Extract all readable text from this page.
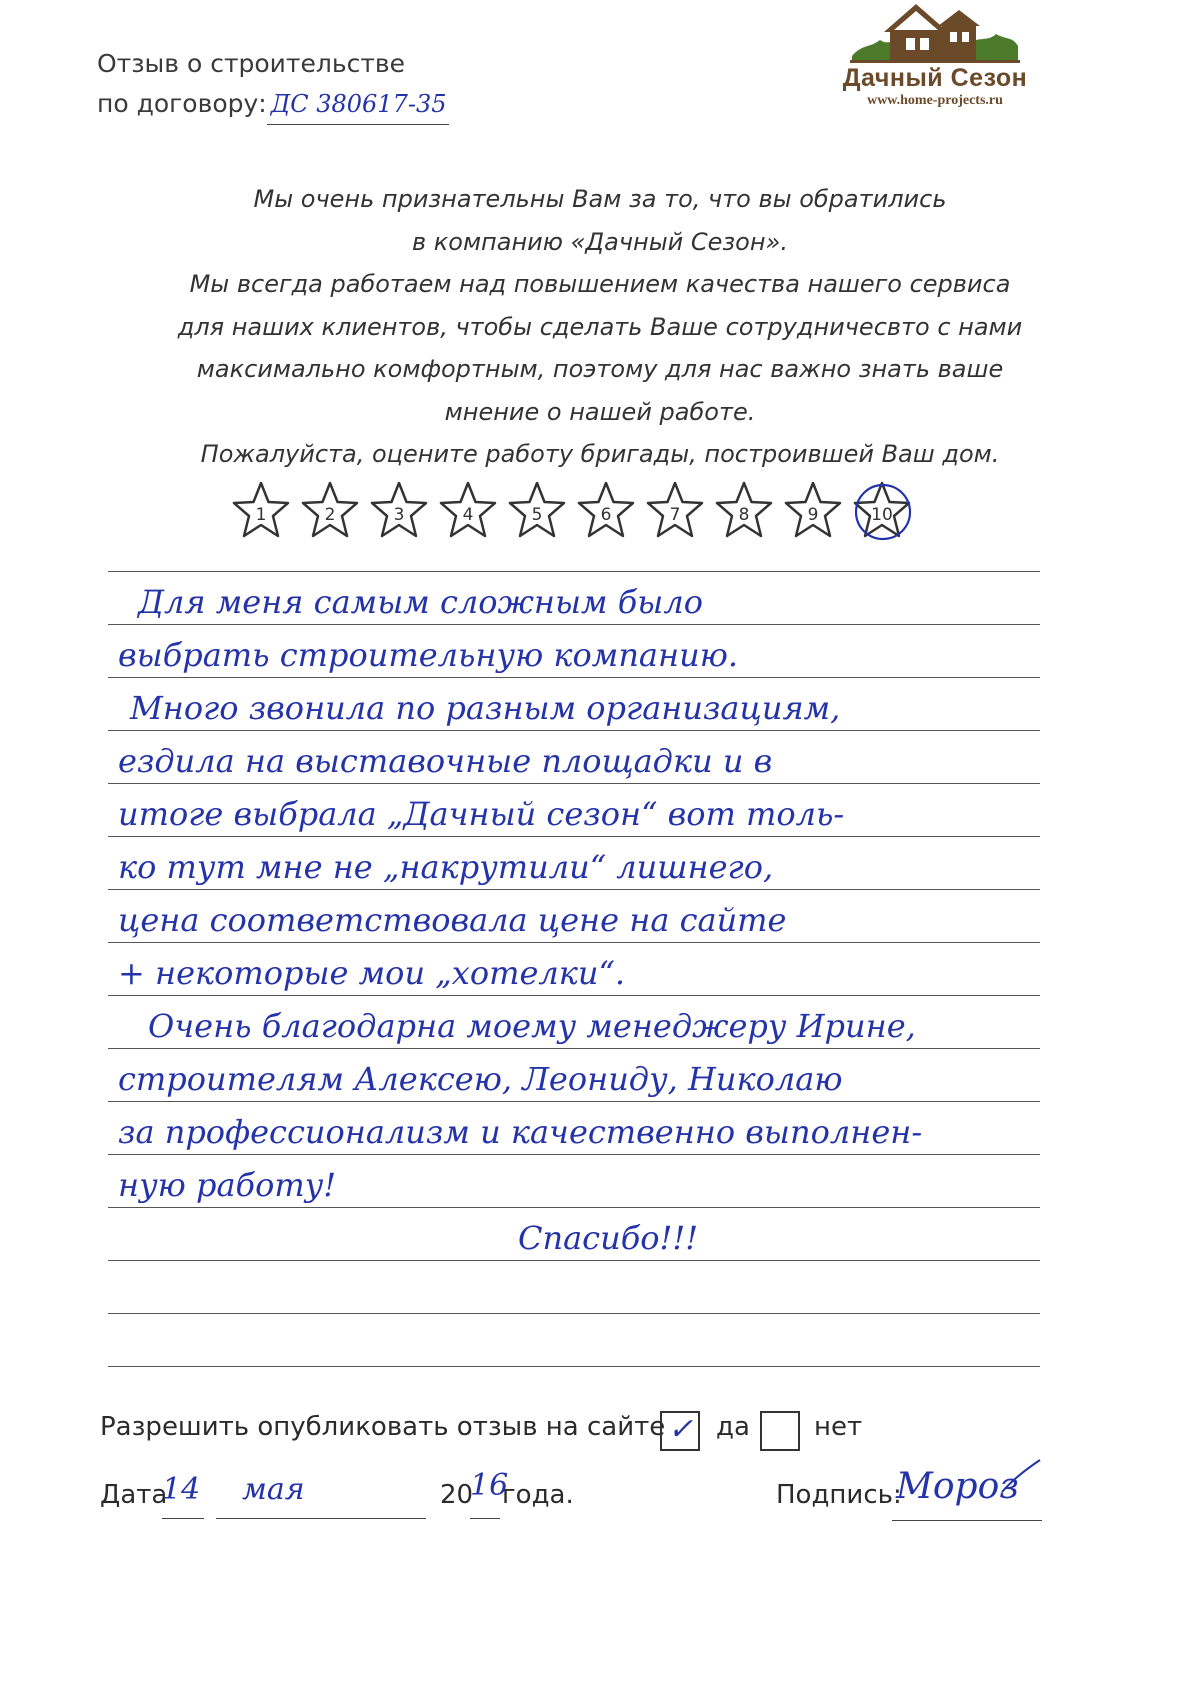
Отзыв о строительстве
по договору: ДС 380617-35
Дачный Сезон
www.home-projects.ru

Мы очень признательны Вам за то, что вы обратились

в компанию «Дачный Сезон».

Мы всегда работаем над повышением качества нашего сервиса

для наших клиентов, чтобы сделать Ваше сотрудничесвто с нами

максимально комфортным, поэтому для нас важно знать ваше

мнение о нашей работе.

Пожалуйста, оцените работу бригады, построившей Ваш дом.

1	2	3	4	5	6	7	8	9	10
Для меня самым сложным было
выбрать строительную компанию.
Много звонила по разным организациям,
ездила на выставочные площадки и в
итоге выбрала „Дачный сезон“ вот толь-
ко тут мне не „накрутили“ лишнего,
цена соответствовала цене на сайте
+ некоторые мои „хотелки“.
Очень благодарна моему менеджеру Ирине,
строителям Алексею, Леониду, Николаю
за профессионализм и качественно выполнен-
ную работу!
Спасибо!!!
Разрешить опубликовать отзыв на сайте ✓ да нет
Дата
14	мая	20
16
года.	Подпись:
Мороз
